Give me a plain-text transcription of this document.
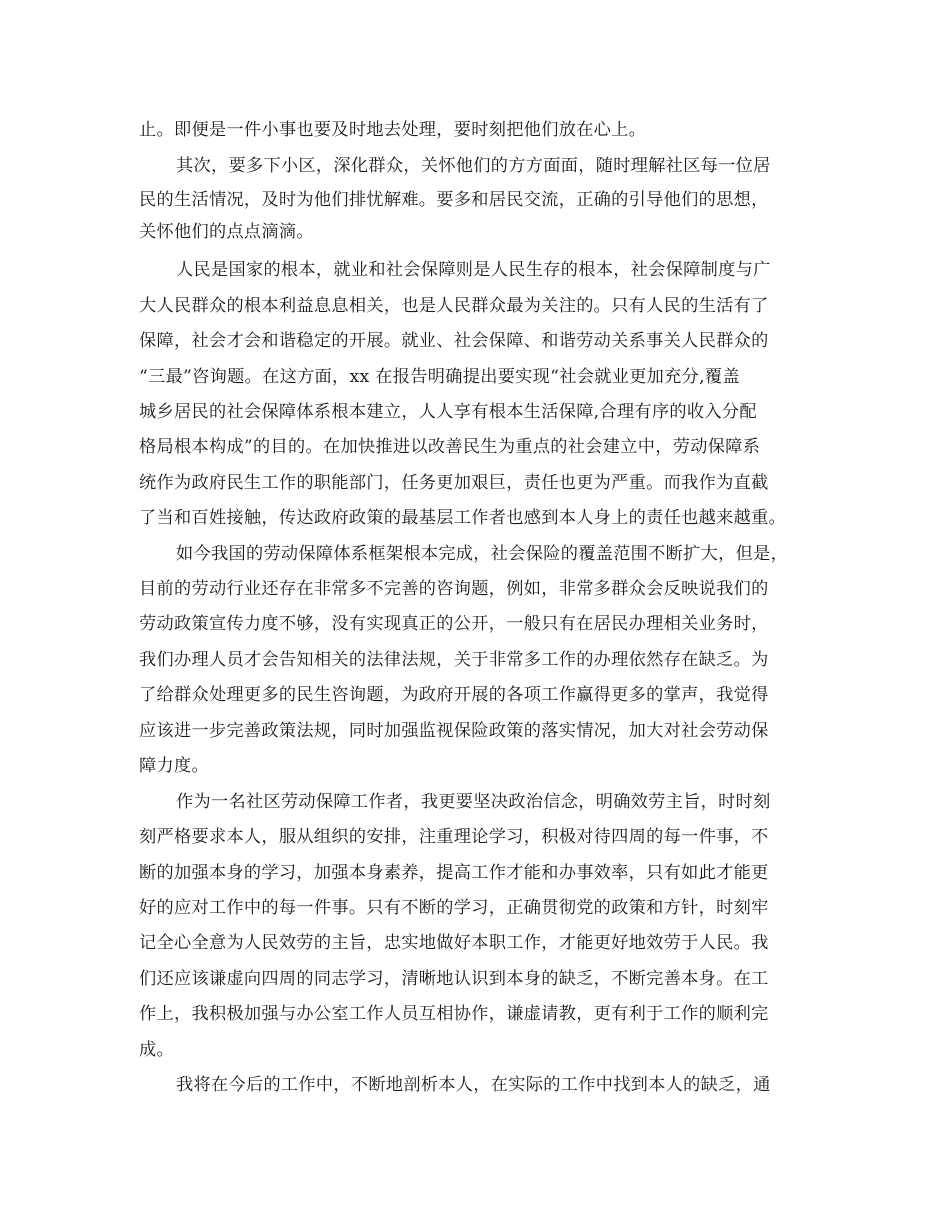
止。即便是一件小事也要及时地去处理，要时刻把他们放在心上。
其次，要多下小区，深化群众，关怀他们的方方面面，随时理解社区每一位居
民的生活情况，及时为他们排忧解难。要多和居民交流，正确的引导他们的思想，
关怀他们的点点滴滴。
人民是国家的根本，就业和社会保障则是人民生存的根本，社会保障制度与广
大人民群众的根本利益息息相关，也是人民群众最为关注的。只有人民的生活有了
保障，社会才会和谐稳定的开展。就业、社会保障、和谐劳动关系事关人民群众的
“三最”咨询题。在这方面，xx 在报告明确提出要实现“社会就业更加充分,覆盖
城乡居民的社会保障体系根本建立，人人享有根本生活保障,合理有序的收入分配
格局根本构成”的目的。在加快推进以改善民生为重点的社会建立中，劳动保障系
统作为政府民生工作的职能部门，任务更加艰巨，责任也更为严重。而我作为直截
了当和百姓接触，传达政府政策的最基层工作者也感到本人身上的责任也越来越重。
如今我国的劳动保障体系框架根本完成，社会保险的覆盖范围不断扩大，但是，
目前的劳动行业还存在非常多不完善的咨询题，例如，非常多群众会反映说我们的
劳动政策宣传力度不够，没有实现真正的公开，一般只有在居民办理相关业务时，
我们办理人员才会告知相关的法律法规，关于非常多工作的办理依然存在缺乏。为
了给群众处理更多的民生咨询题，为政府开展的各项工作赢得更多的掌声，我觉得
应该进一步完善政策法规，同时加强监视保险政策的落实情况，加大对社会劳动保
障力度。
作为一名社区劳动保障工作者，我更要坚决政治信念，明确效劳主旨，时时刻
刻严格要求本人，服从组织的安排，注重理论学习，积极对待四周的每一件事，不
断的加强本身的学习，加强本身素养，提高工作才能和办事效率，只有如此才能更
好的应对工作中的每一件事。只有不断的学习，正确贯彻党的政策和方针，时刻牢
记全心全意为人民效劳的主旨，忠实地做好本职工作，才能更好地效劳于人民。我
们还应该谦虚向四周的同志学习，清晰地认识到本身的缺乏，不断完善本身。在工
作上，我积极加强与办公室工作人员互相协作，谦虚请教，更有利于工作的顺利完
成。
我将在今后的工作中，不断地剖析本人，在实际的工作中找到本人的缺乏，通
